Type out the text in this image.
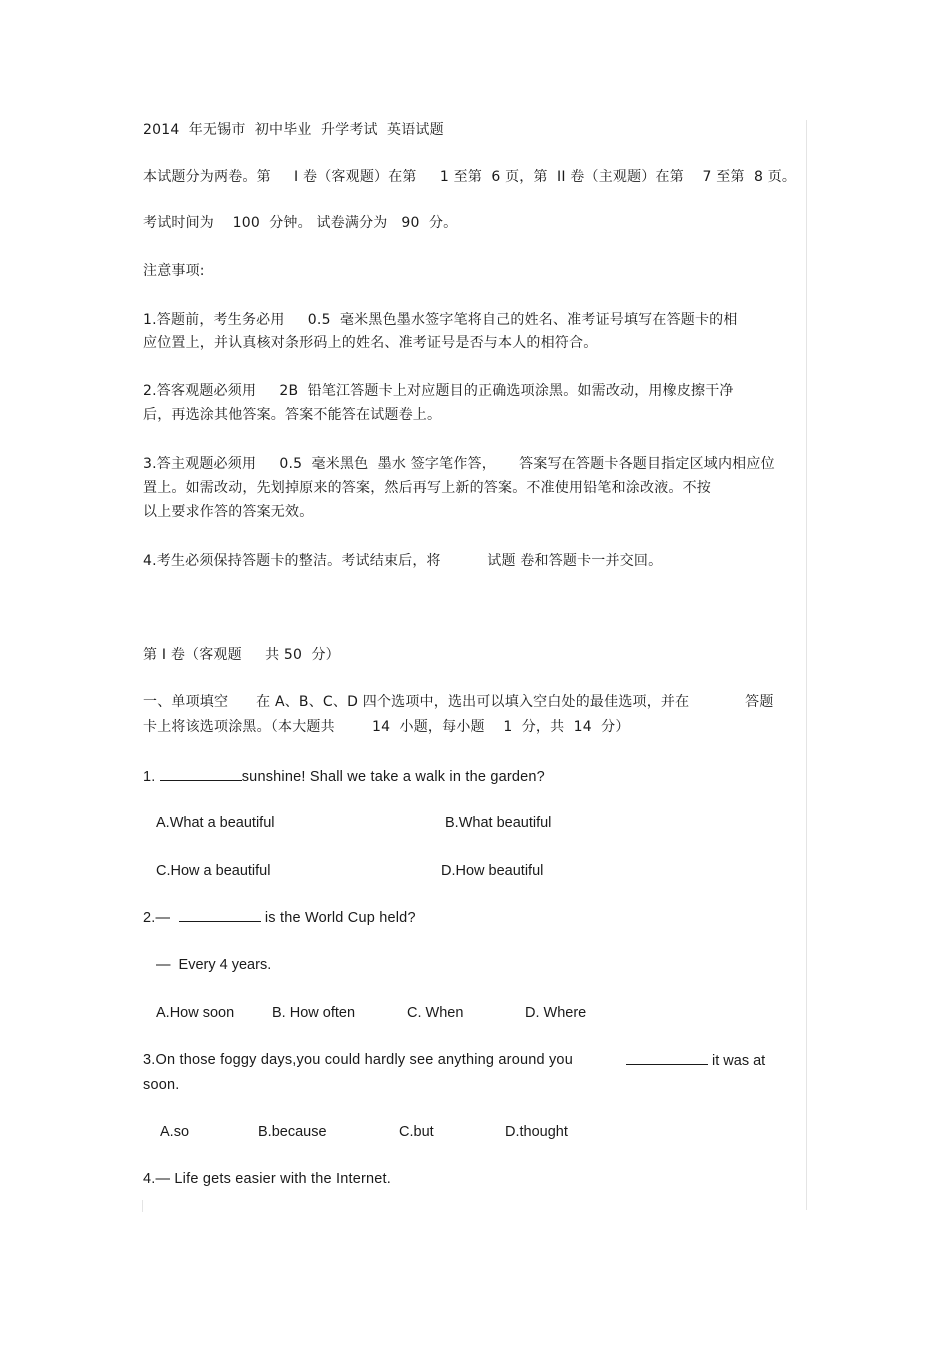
2014  年无锡市  初中毕业  升学考试  英语试题
本试题分为两卷。第     I 卷（客观题）在第     1 至第  6 页，第  II 卷（主观题）在第    7 至第  8 页。
考试时间为    100  分钟。 试卷满分为   90  分。
注意事项:
1.答题前，考生务必用     0.5  毫米黑色墨水签字笔将自己的姓名、准考证号填写在答题卡的相
应位置上，并认真核对条形码上的姓名、准考证号是否与本人的相符合。
2.答客观题必须用     2B  铅笔江答题卡上对应题目的正确选项涂黑。如需改动，用橡皮擦干净
后，再选涂其他答案。答案不能答在试题卷上。
3.答主观题必须用     0.5  毫米黑色  墨水 签字笔作答，     答案写在答题卡各题目指定区域内相应位
置上。如需改动，先划掉原来的答案，然后再写上新的答案。不准使用铅笔和涂改液。不按
以上要求作答的答案无效。
4.考生必须保持答题卡的整洁。考试结束后，将          试题 卷和答题卡一并交回。
第 I 卷（客观题     共 50  分）
一、单项填空      在 A、B、C、D 四个选项中，选出可以填入空白处的最佳选项，并在            答题
卡上将该选项涂黑。（本大题共        14  小题，每小题    1  分，共  14  分）
1.	sunshine! Shall we take a walk in the garden?
A.What a beautiful	B.What beautiful
C.How a beautiful	D.How beautiful
2.—	is the World Cup held?
—  Every 4 years.
A.How soon	B. How often	C. When	D. Where
3.On those foggy days,you could hardly see anything around you	it was at
soon.
A.so	B.because	C.but	D.thought
4.— Life gets easier with the Internet.
